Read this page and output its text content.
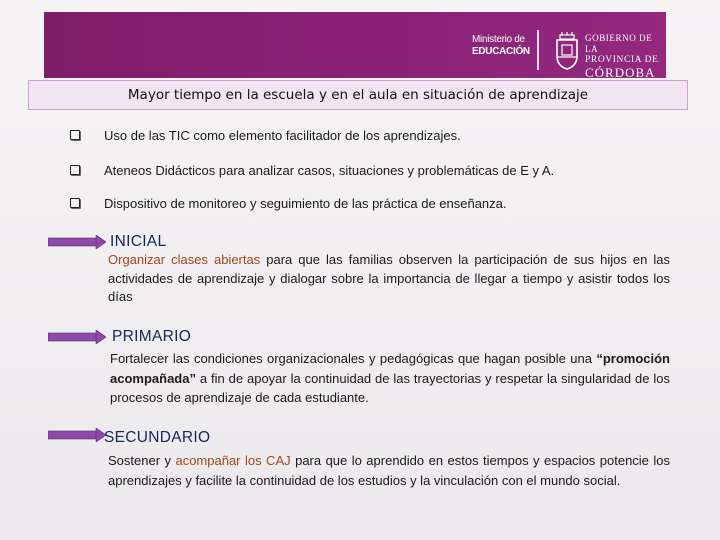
Ministerio de
EDUCACIÓN
GOBIERNO DE LA
PROVINCIA DE
CÓRDOBA
Mayor tiempo en la escuela y en el aula en situación de aprendizaje
Uso de las TIC como elemento facilitador de los aprendizajes.
Ateneos Didácticos para analizar casos, situaciones y problemáticas de E y A.
Dispositivo de monitoreo y seguimiento de las práctica de enseñanza.
INICIAL
Organizar clases abiertas para que las familias observen la participación de sus hijos en las actividades de aprendizaje y dialogar sobre la importancia de llegar a tiempo y asistir todos los días
PRIMARIO
Fortalecer las condiciones organizacionales y pedagógicas que hagan posible una “promoción acompañada” a fin de apoyar la continuidad de las trayectorias y respetar la singularidad de los procesos de aprendizaje de cada estudiante.
SECUNDARIO
Sostener y acompañar los CAJ para que lo aprendido en estos tiempos y espacios potencie los aprendizajes y facilite la continuidad de los estudios y la vinculación con el mundo social.
